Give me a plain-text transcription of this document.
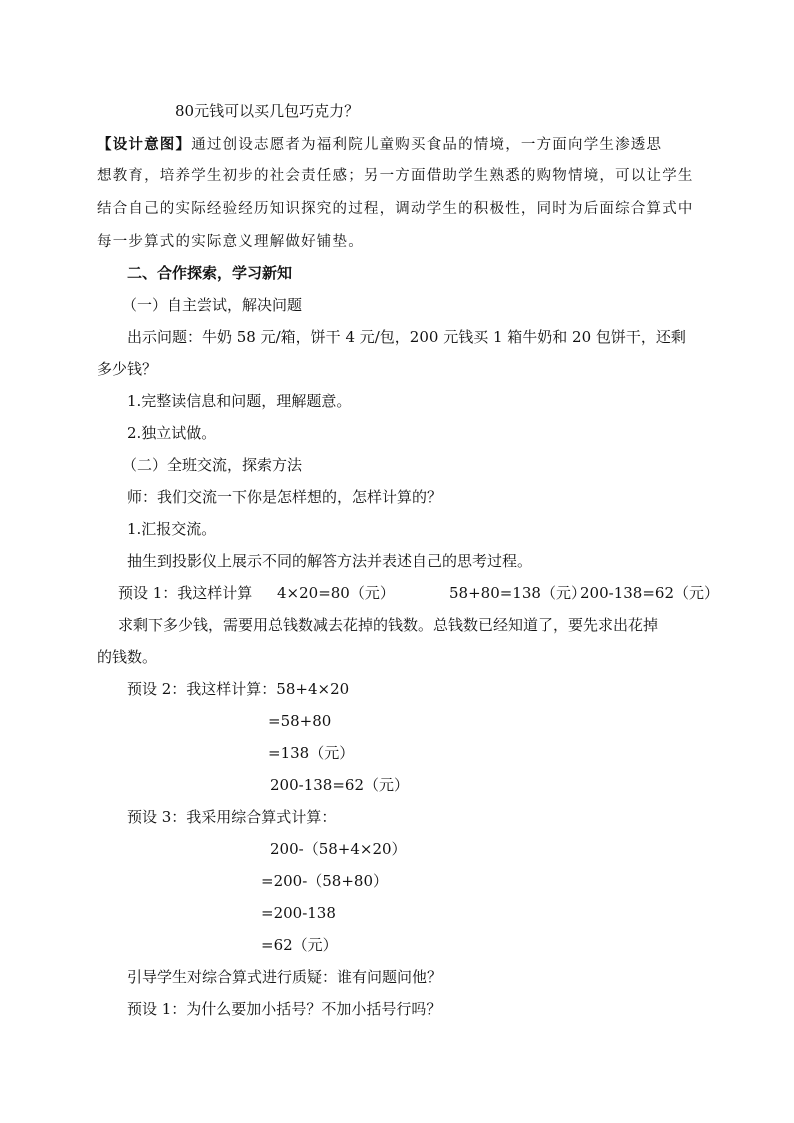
80元钱可以买几包巧克力？
【设计意图】通过创设志愿者为福利院儿童购买食品的情境，一方面向学生渗透思
想教育，培养学生初步的社会责任感；另一方面借助学生熟悉的购物情境，可以让学生
结合自己的实际经验经历知识探究的过程，调动学生的积极性，同时为后面综合算式中
每一步算式的实际意义理解做好铺垫。
二、合作探索，学习新知
（一）自主尝试，解决问题
出示问题：牛奶 58 元/箱，饼干 4 元/包，200 元钱买 1 箱牛奶和 20 包饼干，还剩
多少钱？
1.完整读信息和问题，理解题意。
2.独立试做。
（二）全班交流，探索方法
师：我们交流一下你是怎样想的，怎样计算的？
1.汇报交流。
抽生到投影仪上展示不同的解答方法并表述自己的思考过程。
预设 1：我这样计算 4×20=80（元）	58+80=138（元）
200-138=62（元）
求剩下多少钱，需要用总钱数减去花掉的钱数。总钱数已经知道了，要先求出花掉
的钱数。
预设 2：我这样计算：58+4×20
=58+80
=138（元）
200-138=62（元）
预设 3：我采用综合算式计算：
200-（58+4×20）
=200-（58+80）
=200-138
=62（元）
引导学生对综合算式进行质疑：谁有问题问他？
预设 1：为什么要加小括号？不加小括号行吗？
